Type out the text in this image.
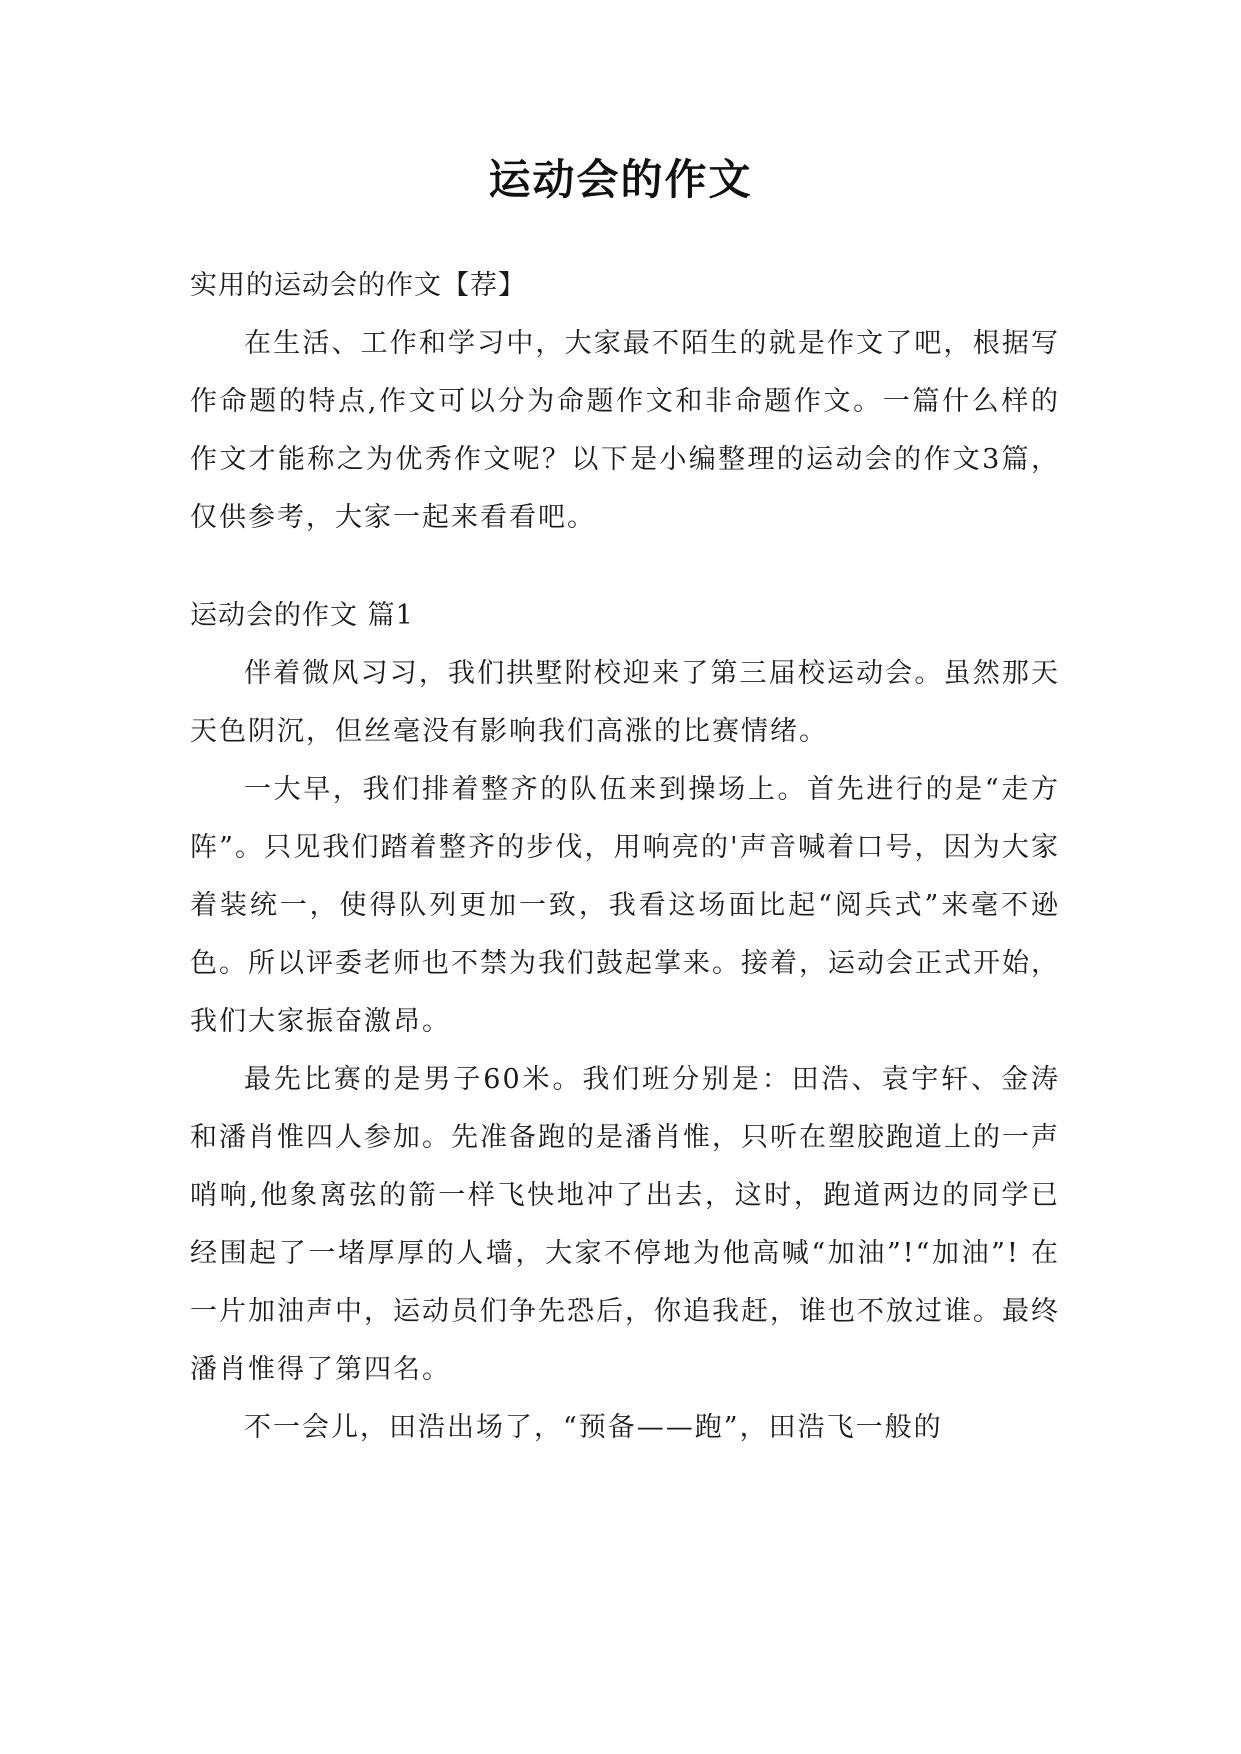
运动会的作文

实用的运动会的作文【荐】

在生活、工作和学习中，大家最不陌生的就是作文了吧，根据写作命题的特点,作文可以分为命题作文和非命题作文。一篇什么样的作文才能称之为优秀作文呢？以下是小编整理的运动会的作文3篇，仅供参考，大家一起来看看吧。

运动会的作文 篇1

伴着微风习习，我们拱墅附校迎来了第三届校运动会。虽然那天天色阴沉，但丝毫没有影响我们高涨的比赛情绪。

一大早，我们排着整齐的队伍来到操场上。首先进行的是“走方阵”。只见我们踏着整齐的步伐，用响亮的'声音喊着口号，因为大家着装统一，使得队列更加一致，我看这场面比起“阅兵式”来毫不逊色。所以评委老师也不禁为我们鼓起掌来。接着，运动会正式开始，我们大家振奋激昂。

最先比赛的是男子60米。我们班分别是：田浩、袁宇轩、金涛和潘肖惟四人参加。先准备跑的是潘肖惟，只听在塑胶跑道上的一声哨响,他象离弦的箭一样飞快地冲了出去，这时，跑道两边的同学已经围起了一堵厚厚的人墙，大家不停地为他高喊“加油”!“加油”! 在 一片加油声中，运动员们争先恐后，你追我赶，谁也不放过谁。最终潘肖惟得了第四名。

不一会儿，田浩出场了，“预备——跑”，田浩飞一般的
